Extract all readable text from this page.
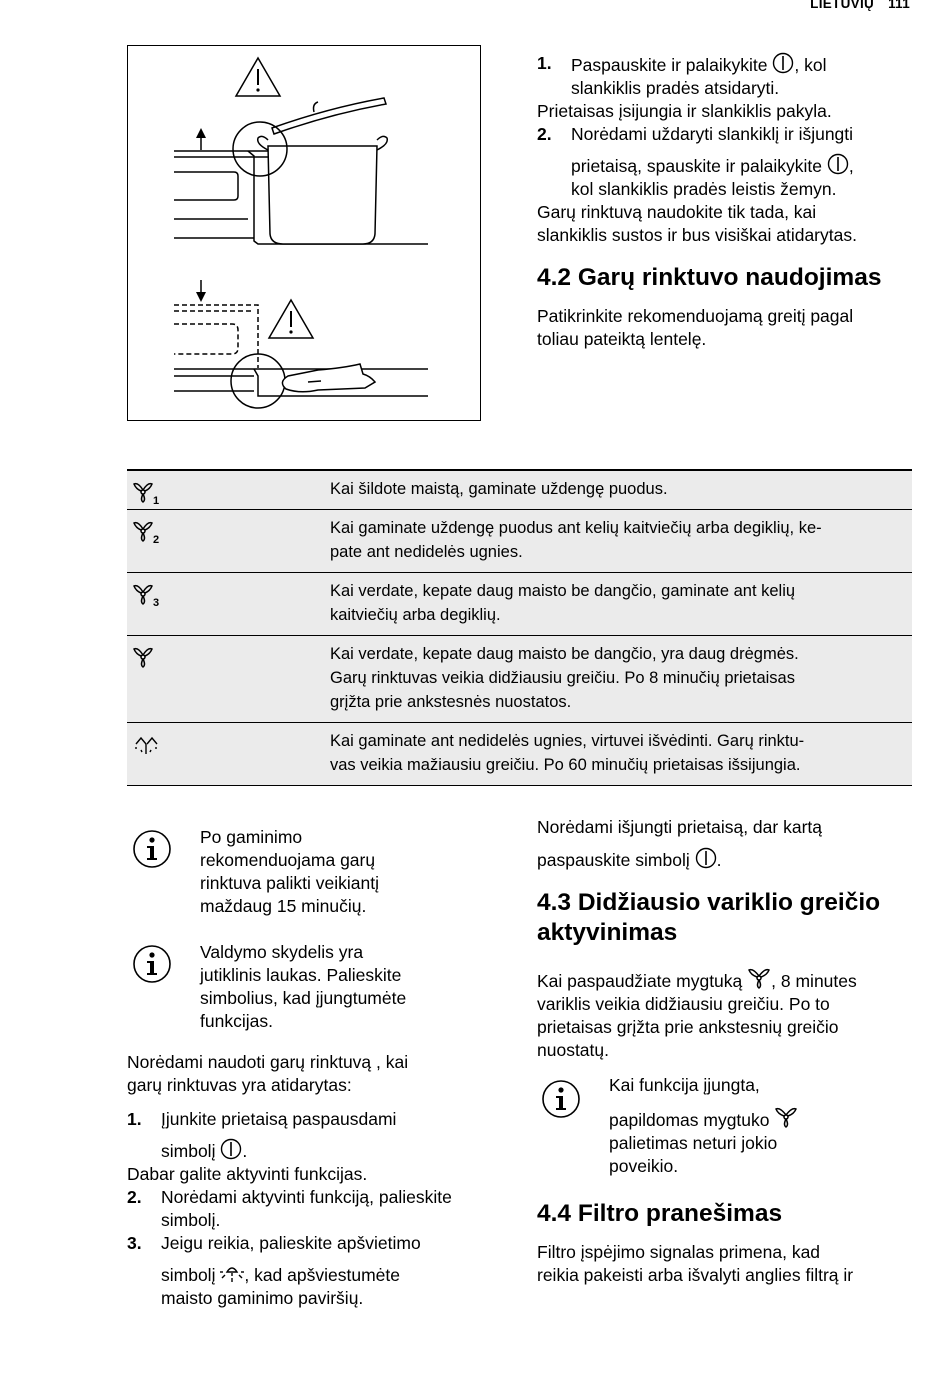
LIETUVIŲ 111
1. Paspauskite ir palaikykite , kol
slankiklis pradės atsidaryti.
Prietaisas įsijungia ir slankiklis pakyla.
2. Norėdami uždaryti slankiklį ir išjungti
prietaisą, spauskite ir palaikykite ,
kol slankiklis pradės leistis žemyn.
Garų rinktuvą naudokite tik tada, kai
slankiklis sustos ir bus visiškai atidarytas.
4.2 Garų rinktuvo naudojimas
Patikrinkite rekomenduojamą greitį pagal
toliau pateiktą lentelę.
1
Kai šildote maistą, gaminate uždengę puodus.
2
Kai gaminate uždengę puodus ant kelių kaitviečių arba degiklių, ke-
pate ant nedidelės ugnies.
3
Kai verdate, kepate daug maisto be dangčio, gaminate ant kelių
kaitviečių arba degiklių.
Kai verdate, kepate daug maisto be dangčio, yra daug drėgmės.
Garų rinktuvas veikia didžiausiu greičiu. Po 8 minučių prietaisas
grįžta prie ankstesnės nuostatos.
Kai gaminate ant nedidelės ugnies, virtuvei išvėdinti. Garų rinktu-
vas veikia mažiausiu greičiu. Po 60 minučių prietaisas išsijungia.
Po gaminimo
rekomenduojama garų
rinktuva palikti veikiantį
maždaug 15 minučių.
Valdymo skydelis yra
jutiklinis laukas. Palieskite
simbolius, kad įjungtumėte
funkcijas.
Norėdami naudoti garų rinktuvą , kai
garų rinktuvas yra atidarytas:
1. Įjunkite prietaisą paspausdami
simbolį .
Dabar galite aktyvinti funkcijas.
2. Norėdami aktyvinti funkciją, palieskite
simbolį.
3. Jeigu reikia, palieskite apšvietimo
simbolį , kad apšviestumėte
maisto gaminimo paviršių.
Norėdami išjungti prietaisą, dar kartą
paspauskite simbolį .
4.3 Didžiausio variklio greičio
aktyvinimas
Kai paspaudžiate mygtuką , 8 minutes
variklis veikia didžiausiu greičiu. Po to
prietaisas grįžta prie ankstesnių greičio
nuostatų.
Kai funkcija įjungta,
papildomas mygtuko
palietimas neturi jokio
poveikio.
4.4 Filtro pranešimas
Filtro įspėjimo signalas primena, kad
reikia pakeisti arba išvalyti anglies filtrą ir
